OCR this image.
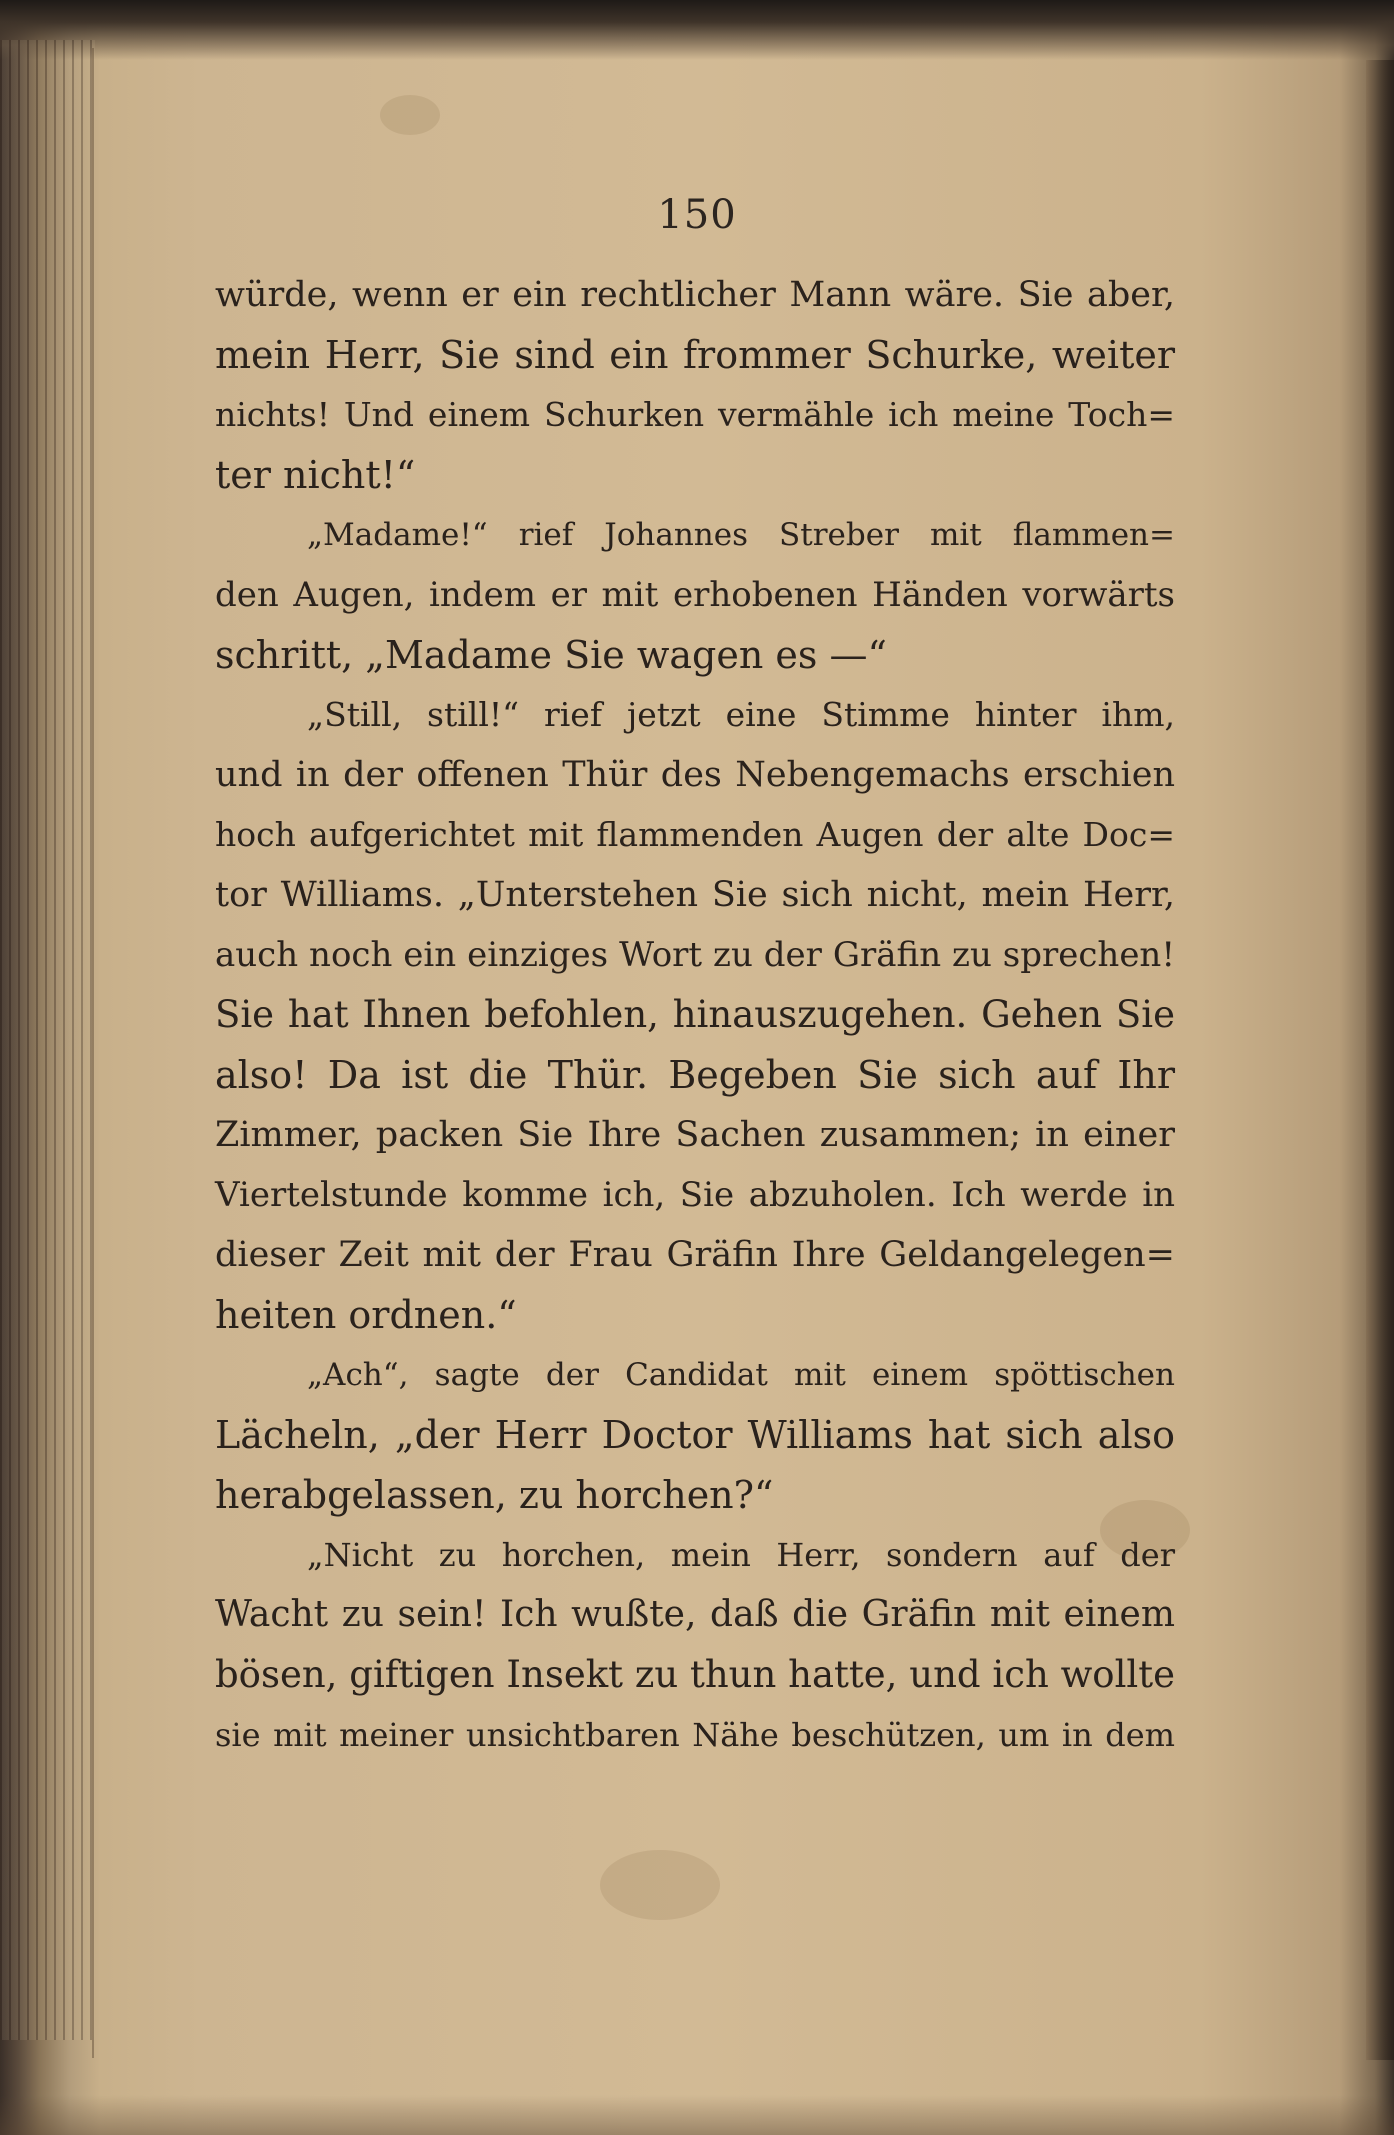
150
würde, wenn er ein rechtlicher Mann wäre. Sie aber,
mein Herr, Sie sind ein frommer Schurke, weiter
nichts! Und einem Schurken vermähle ich meine Toch=
ter nicht!“
„Madame!“ rief Johannes Streber mit flammen=
den Augen, indem er mit erhobenen Händen vorwärts
schritt, „Madame Sie wagen es —“
„Still, still!“ rief jetzt eine Stimme hinter ihm,
und in der offenen Thür des Nebengemachs erschien
hoch aufgerichtet mit flammenden Augen der alte Doc=
tor Williams. „Unterstehen Sie sich nicht, mein Herr,
auch noch ein einziges Wort zu der Gräfin zu sprechen!
Sie hat Ihnen befohlen, hinauszugehen. Gehen Sie
also! Da ist die Thür. Begeben Sie sich auf Ihr
Zimmer, packen Sie Ihre Sachen zusammen; in einer
Viertelstunde komme ich, Sie abzuholen. Ich werde in
dieser Zeit mit der Frau Gräfin Ihre Geldangelegen=
heiten ordnen.“
„Ach“, sagte der Candidat mit einem spöttischen
Lächeln, „der Herr Doctor Williams hat sich also
herabgelassen, zu horchen?“
„Nicht zu horchen, mein Herr, sondern auf der
Wacht zu sein! Ich wußte, daß die Gräfin mit einem
bösen, giftigen Insekt zu thun hatte, und ich wollte
sie mit meiner unsichtbaren Nähe beschützen, um in dem
